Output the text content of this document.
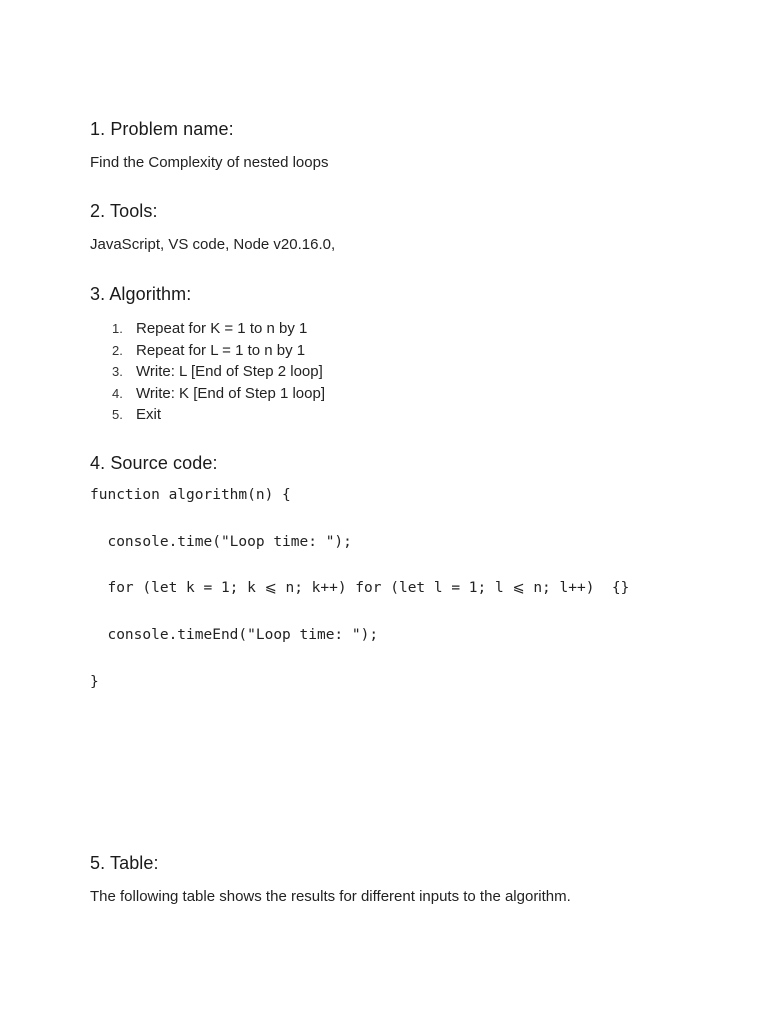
1. Problem name:

Find the Complexity of nested loops

2. Tools:

JavaScript, VS code, Node v20.16.0,

3. Algorithm:
1. Repeat for K = 1 to n by 1
2. Repeat for L = 1 to n by 1
3. Write: L [End of Step 2 loop]
4. Write: K [End of Step 1 loop]
5. Exit
4. Source code:

function algorithm(n) {

console.time("Loop time: ");

for (let k = 1; k ⩽ n; k++) for (let l = 1; l ⩽ n; l++)  {}

console.timeEnd("Loop time: ");

}

5. Table:

The following table shows the results for different inputs to the algorithm.
